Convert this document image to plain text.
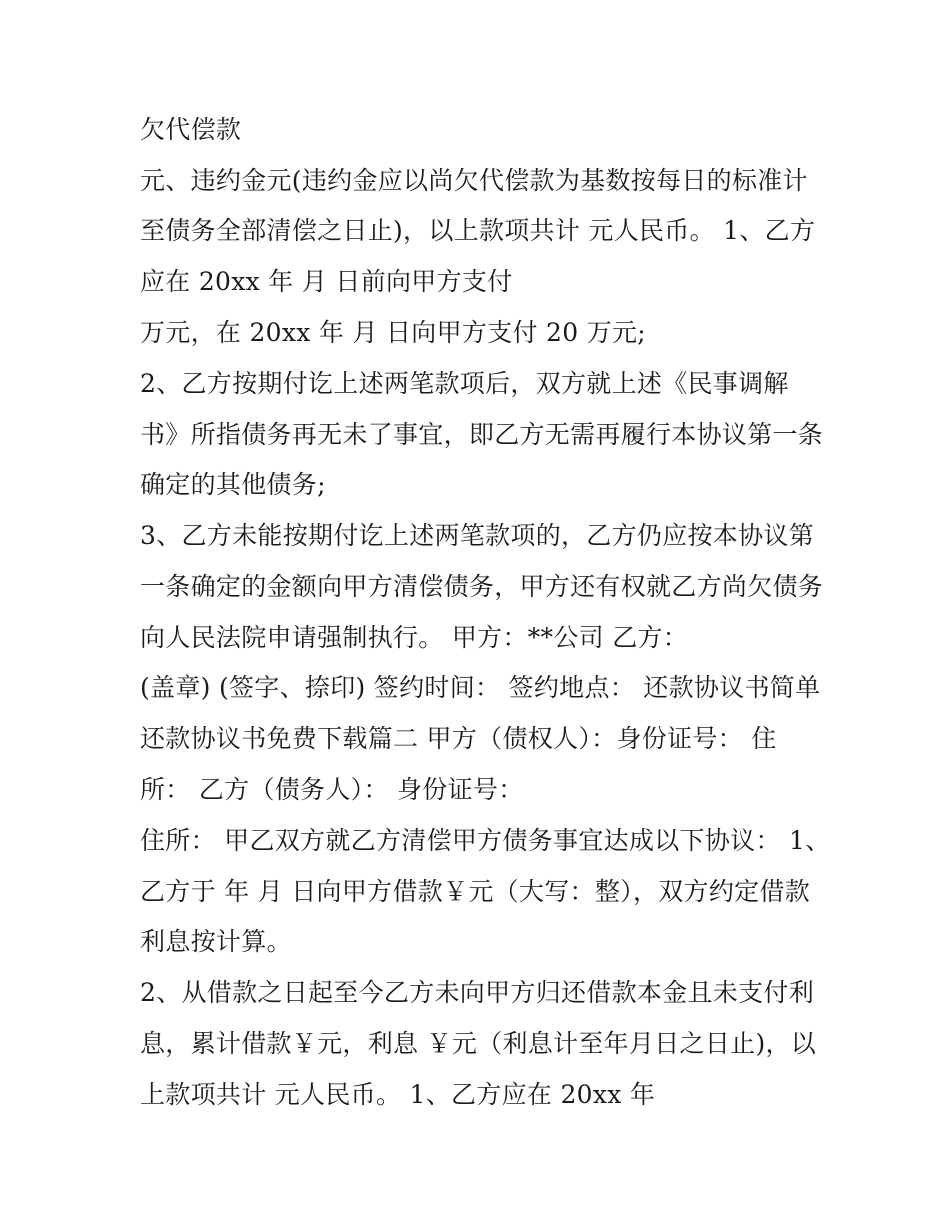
欠代偿款
元、违约金元(违约金应以尚欠代偿款为基数按每日的标准计
至债务全部清偿之日止)，以上款项共计 元人民币。 1、乙方
应在 20xx 年 月 日前向甲方支付
万元，在 20xx 年 月 日向甲方支付 20 万元;
2、乙方按期付讫上述两笔款项后，双方就上述《民事调解
书》所指债务再无未了事宜，即乙方无需再履行本协议第一条
确定的其他债务;
3、乙方未能按期付讫上述两笔款项的，乙方仍应按本协议第
一条确定的金额向甲方清偿债务，甲方还有权就乙方尚欠债务
向人民法院申请强制执行。 甲方：**公司 乙方：
(盖章) (签字、捺印) 签约时间： 签约地点： 还款协议书简单
还款协议书免费下载篇二 甲方（债权人）：身份证号： 住
所： 乙方（债务人）： 身份证号：
住所： 甲乙双方就乙方清偿甲方债务事宜达成以下协议： 1、
乙方于 年 月 日向甲方借款￥元（大写：整），双方约定借款
利息按计算。
2、从借款之日起至今乙方未向甲方归还借款本金且未支付利
息，累计借款￥元，利息 ￥元（利息计至年月日之日止)，以
上款项共计 元人民币。 1、乙方应在 20xx 年
